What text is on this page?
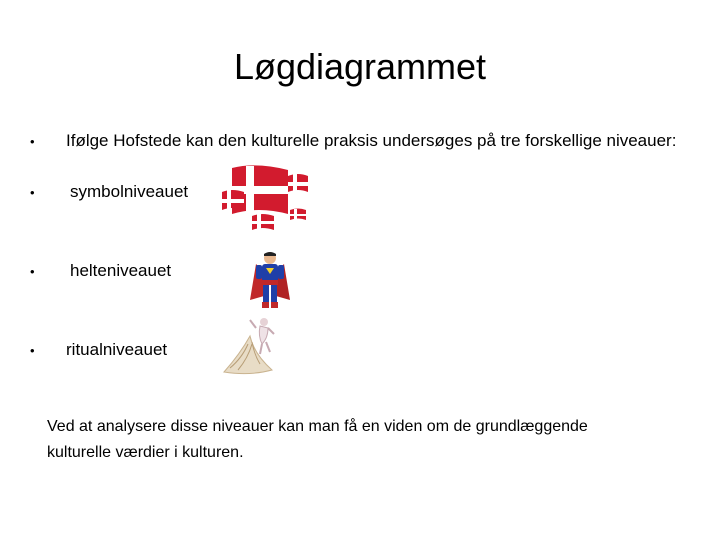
Løgdiagrammet
•	Ifølge Hofstede kan den kulturelle praksis undersøges på tre forskellige niveauer:
•	symbolniveauet
•	helteniveauet
•	ritualniveauet
Ved at analysere disse niveauer kan man få en viden om de grundlæggende kulturelle værdier i kulturen.
